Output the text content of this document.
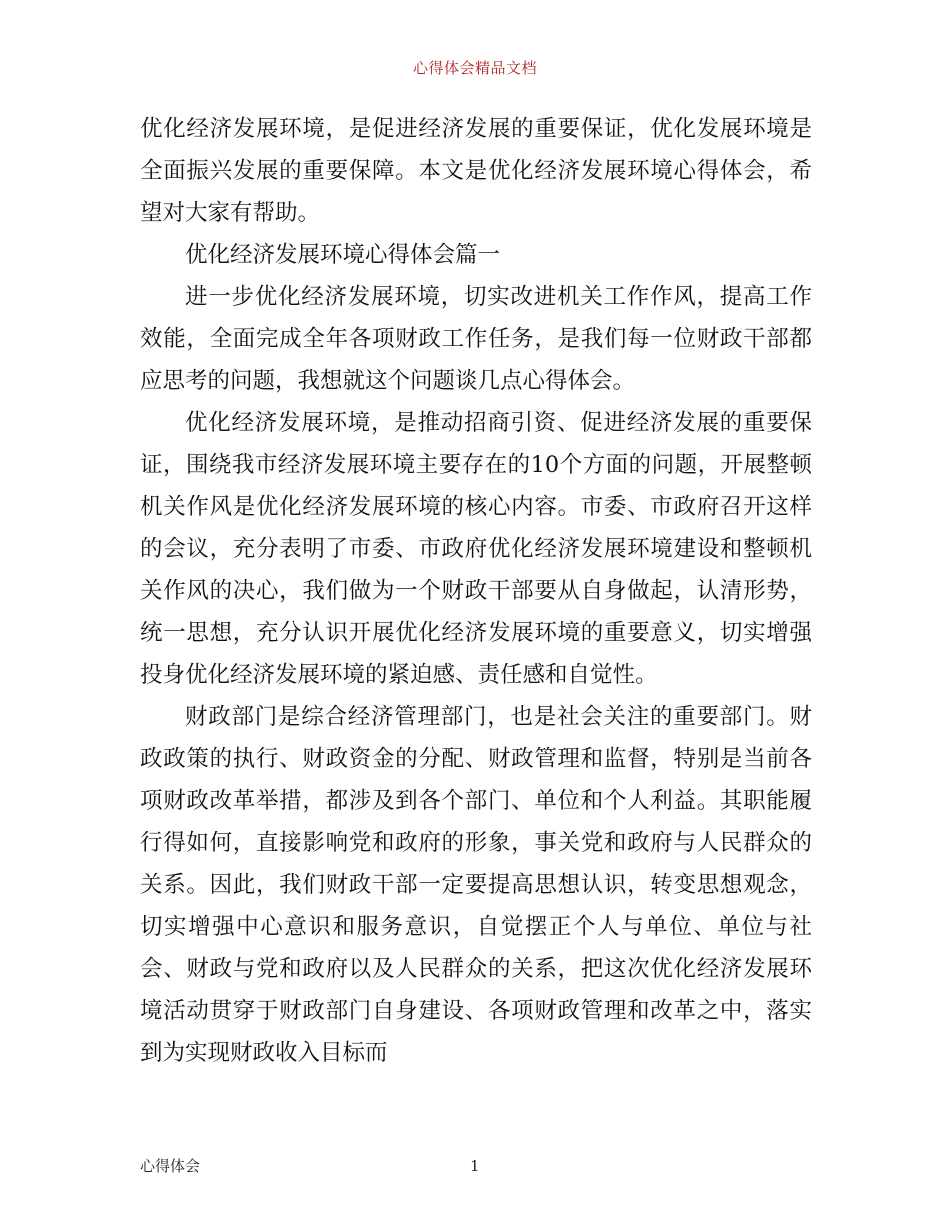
心得体会精品文档

优化经济发展环境，是促进经济发展的重要保证，优化发展环境是全面振兴发展的重要保障。本文是优化经济发展环境心得体会，希望对大家有帮助。

优化经济发展环境心得体会篇一

进一步优化经济发展环境，切实改进机关工作作风，提高工作效能，全面完成全年各项财政工作任务，是我们每一位财政干部都应思考的问题，我想就这个问题谈几点心得体会。

优化经济发展环境，是推动招商引资、促进经济发展的重要保证，围绕我市经济发展环境主要存在的10个方面的问题，开展整顿机关作风是优化经济发展环境的核心内容。市委、市政府召开这样的会议，充分表明了市委、市政府优化经济发展环境建设和整顿机关作风的决心，我们做为一个财政干部要从自身做起，认清形势，统一思想，充分认识开展优化经济发展环境的重要意义，切实增强投身优化经济发展环境的紧迫感、责任感和自觉性。

财政部门是综合经济管理部门，也是社会关注的重要部门。财政政策的执行、财政资金的分配、财政管理和监督，特别是当前各项财政改革举措，都涉及到各个部门、单位和个人利益。其职能履行得如何，直接影响党和政府的形象，事关党和政府与人民群众的关系。因此，我们财政干部一定要提高思想认识，转变思想观念，切实增强中心意识和服务意识，自觉摆正个人与单位、单位与社会、财政与党和政府以及人民群众的关系，把这次优化经济发展环境活动贯穿于财政部门自身建设、各项财政管理和改革之中，落实到为实现财政收入目标而

心得体会	1
